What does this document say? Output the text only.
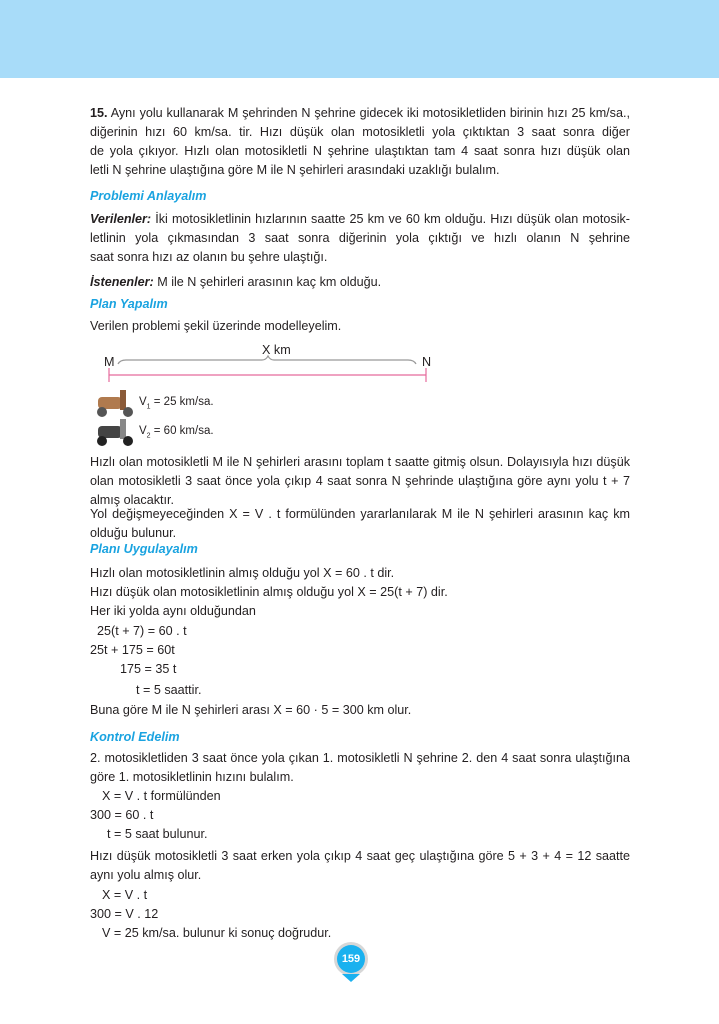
15. Aynı yolu kullanarak M şehrinden N şehrine gidecek iki motosikletliden birinin hızı 25 km/sa.,
diğerinin hızı 60 km/sa. tir. Hızı düşük olan motosikletli yola çıktıktan 3 saat sonra diğer
de yola çıkıyor. Hızlı olan motosikletli N şehrine ulaştıktan tam 4 saat sonra hızı düşük olan
letli N şehrine ulaştığına göre M ile N şehirleri arasındaki uzaklığı bulalım.
Problemi Anlayalım
Verilenler: İki motosikletlinin hızlarının saatte 25 km ve 60 km olduğu. Hızı düşük olan motosik-
letlinin yola çıkmasından 3 saat sonra diğerinin yola çıktığı ve hızlı olanın N şehrine
saat sonra hızı az olanın bu şehre ulaştığı.
İstenenler: M ile N şehirleri arasının kaç km olduğu.
Plan Yapalım
Verilen problemi şekil üzerinde modelleyelim.
X km
M	N
$V_1 = 25$ km/sa.
$V_2 = 60$ km/sa.
Hızlı olan motosikletli M ile N şehirleri arasını toplam t saatte gitmiş olsun. Dolayısıyla hızı düşük
olan motosikletli 3 saat önce yola çıkıp 4 saat sonra N şehrinde ulaştığına göre aynı yolu t + 7
almış olacaktır.
Yol değişmeyeceğinden X = V . t formülünden yararlanılarak M ile N şehirleri arasının kaç km
olduğu bulunur.
Planı Uygulayalım
Hızlı olan motosikletlinin almış olduğu yol X = 60 . t dir.
Hızı düşük olan motosikletlinin almış olduğu yol X = 25(t + 7) dir.
Her iki yolda aynı olduğundan
25(t + 7) = 60 . t
25t + 175 = 60t
175 = 35 t
t = 5 saattir.
Buna göre M ile N şehirleri arası X = 60 · 5 = 300 km olur.
Kontrol Edelim
2. motosikletliden 3 saat önce yola çıkan 1. motosikletli N şehrine 2. den 4 saat sonra ulaştığına
göre 1. motosikletlinin hızını bulalım.
X = V . t formülünden
300 = 60 . t
t = 5 saat bulunur.
Hızı düşük motosikletli 3 saat erken yola çıkıp 4 saat geç ulaştığına göre 5 + 3 + 4 = 12 saatte
aynı yolu almış olur.
X = V . t
300 = V . 12
V = 25 km/sa. bulunur ki sonuç doğrudur.
159
